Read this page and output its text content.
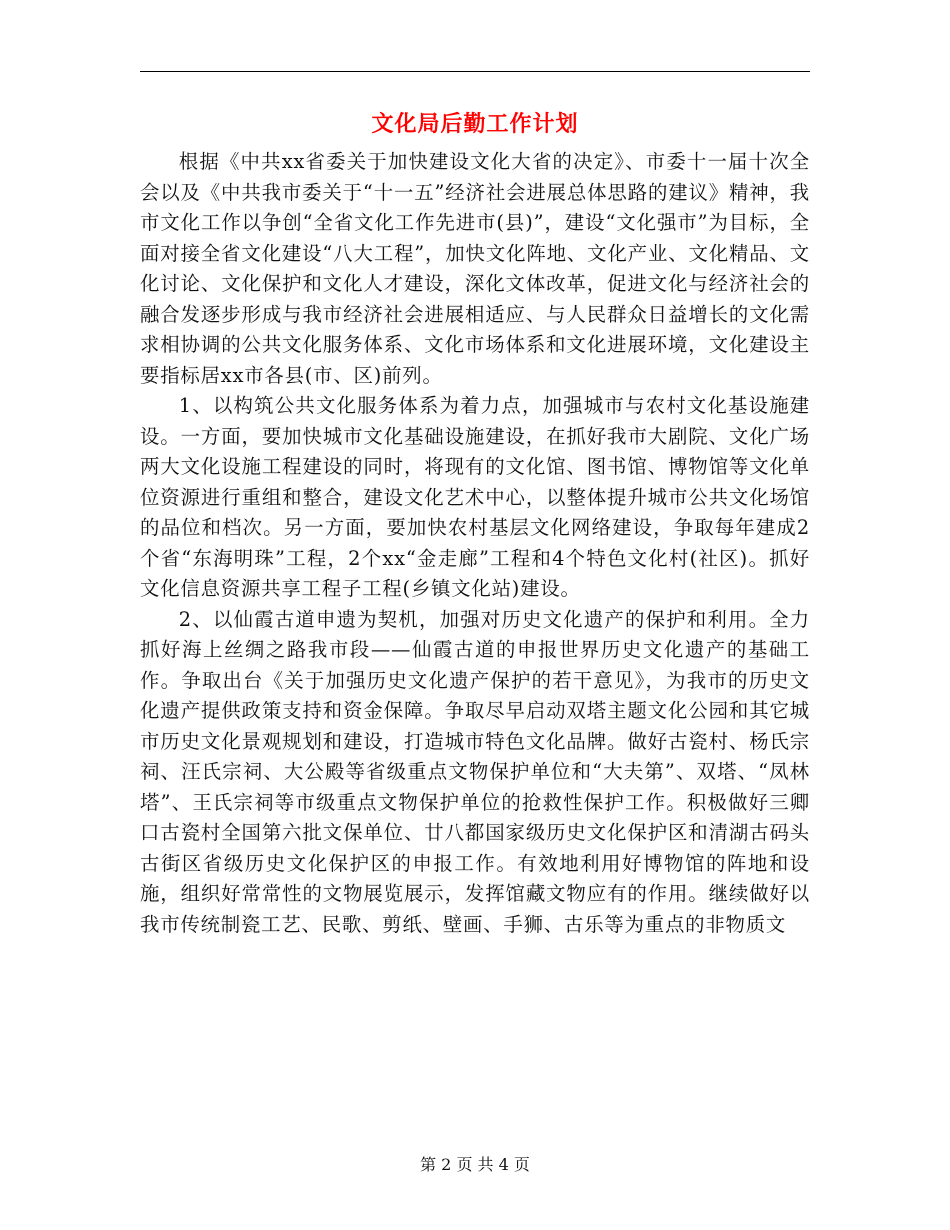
文化局后勤工作计划

根据《中共xx省委关于加快建设文化大省的决定》、市委十一届十次全会以及《中共我市委关于“十一五”经济社会进展总体思路的建议》精神，我市文化工作以争创“全省文化工作先进市(县)”，建设“文化强市”为目标，全面对接全省文化建设“八大工程”，加快文化阵地、文化产业、文化精品、文化讨论、文化保护和文化人才建设，深化文体改革，促进文化与经济社会的融合发逐步形成与我市经济社会进展相适应、与人民群众日益增长的文化需求相协调的公共文化服务体系、文化市场体系和文化进展环境，文化建设主要指标居xx市各县(市、区)前列。

1、以构筑公共文化服务体系为着力点，加强城市与农村文化基设施建设。一方面，要加快城市文化基础设施建设，在抓好我市大剧院、文化广场两大文化设施工程建设的同时，将现有的文化馆、图书馆、博物馆等文化单位资源进行重组和整合，建设文化艺术中心，以整体提升城市公共文化场馆的品位和档次。另一方面，要加快农村基层文化网络建设，争取每年建成2个省“东海明珠”工程，2个xx“金走廊”工程和4个特色文化村(社区)。抓好文化信息资源共享工程子工程(乡镇文化站)建设。

2、以仙霞古道申遗为契机，加强对历史文化遗产的保护和利用。全力抓好海上丝绸之路我市段——仙霞古道的申报世界历史文化遗产的基础工作。争取出台《关于加强历史文化遗产保护的若干意见》，为我市的历史文化遗产提供政策支持和资金保障。争取尽早启动双塔主题文化公园和其它城市历史文化景观规划和建设，打造城市特色文化品牌。做好古瓷村、杨氏宗祠、汪氏宗祠、大公殿等省级重点文物保护单位和“大夫第”、双塔、“凤林塔”、王氏宗祠等市级重点文物保护单位的抢救性保护工作。积极做好三卿口古瓷村全国第六批文保单位、廿八都国家级历史文化保护区和清湖古码头古街区省级历史文化保护区的申报工作。有效地利用好博物馆的阵地和设施，组织好常常性的文物展览展示，发挥馆藏文物应有的作用。继续做好以我市传统制瓷工艺、民歌、剪纸、壁画、手狮、古乐等为重点的非物质文

第 2 页 共 4 页
